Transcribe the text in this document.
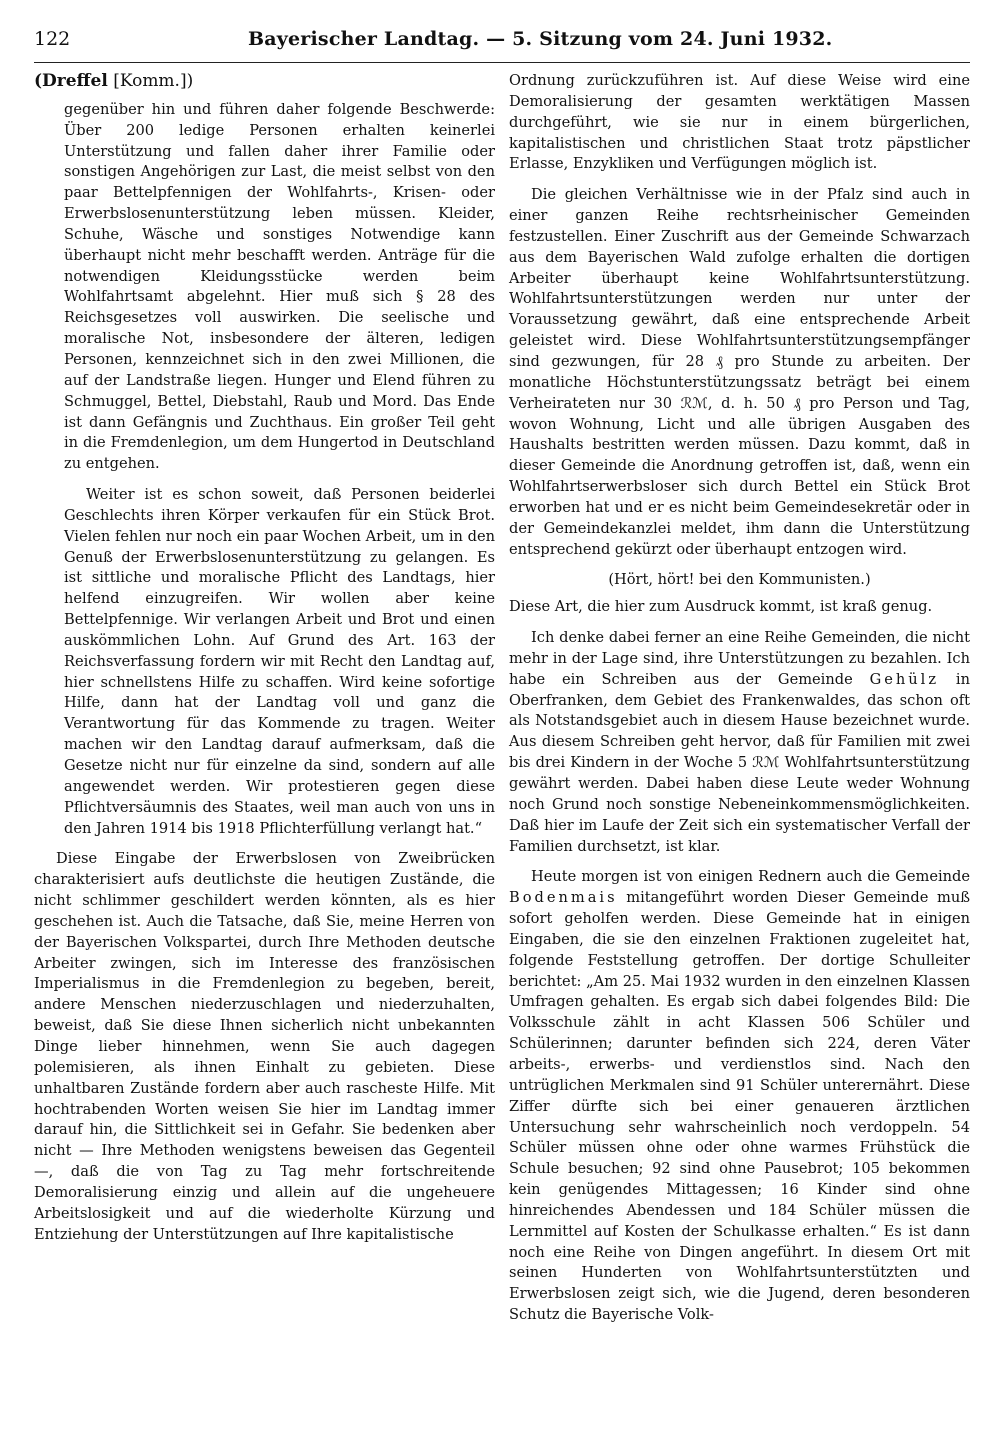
122	Bayerischer Landtag. — 5. Sitzung vom 24. Juni 1932.
(Dreffel [Komm.])

gegenüber hin und führen daher folgende Beschwerde: Über 200 ledige Personen erhalten keinerlei Unterstützung und fallen daher ihrer Familie oder sonstigen Angehörigen zur Last, die meist selbst von den paar Bettelpfennigen der Wohlfahrts-, Krisen- oder Erwerbslosenunterstützung leben müssen. Kleider, Schuhe, Wäsche und sonstiges Notwendige kann überhaupt nicht mehr beschafft werden. Anträge für die notwendigen Kleidungsstücke werden beim Wohlfahrtsamt abgelehnt. Hier muß sich § 28 des Reichsgesetzes voll auswirken. Die seelische und moralische Not, insbesondere der älteren, ledigen Personen, kennzeichnet sich in den zwei Millionen, die auf der Landstraße liegen. Hunger und Elend führen zu Schmuggel, Bettel, Diebstahl, Raub und Mord. Das Ende ist dann Gefängnis und Zuchthaus. Ein großer Teil geht in die Fremdenlegion, um dem Hungertod in Deutschland zu entgehen.

Weiter ist es schon soweit, daß Personen beiderlei Geschlechts ihren Körper verkaufen für ein Stück Brot. Vielen fehlen nur noch ein paar Wochen Arbeit, um in den Genuß der Erwerbslosenunterstützung zu gelangen. Es ist sittliche und moralische Pflicht des Landtags, hier helfend einzugreifen. Wir wollen aber keine Bettelpfennige. Wir verlangen Arbeit und Brot und einen auskömmlichen Lohn. Auf Grund des Art. 163 der Reichsverfassung fordern wir mit Recht den Landtag auf, hier schnellstens Hilfe zu schaffen. Wird keine sofortige Hilfe, dann hat der Landtag voll und ganz die Verantwortung für das Kommende zu tragen. Weiter machen wir den Landtag darauf aufmerksam, daß die Gesetze nicht nur für einzelne da sind, sondern auf alle angewendet werden. Wir protestieren gegen diese Pflichtversäumnis des Staates, weil man auch von uns in den Jahren 1914 bis 1918 Pflichterfüllung verlangt hat.“

Diese Eingabe der Erwerbslosen von Zweibrücken charakterisiert aufs deutlichste die heutigen Zustände, die nicht schlimmer geschildert werden könnten, als es hier geschehen ist. Auch die Tatsache, daß Sie, meine Herren von der Bayerischen Volkspartei, durch Ihre Methoden deutsche Arbeiter zwingen, sich im Interesse des französischen Imperialismus in die Fremdenlegion zu begeben, bereit, andere Menschen niederzuschlagen und niederzuhalten, beweist, daß Sie diese Ihnen sicherlich nicht unbekannten Dinge lieber hinnehmen, wenn Sie auch dagegen polemisieren, als ihnen Einhalt zu gebieten. Diese unhaltbaren Zustände fordern aber auch rascheste Hilfe. Mit hochtrabenden Worten weisen Sie hier im Landtag immer darauf hin, die Sittlichkeit sei in Gefahr. Sie bedenken aber nicht — Ihre Methoden wenigstens beweisen das Gegenteil —, daß die von Tag zu Tag mehr fortschreitende Demoralisierung einzig und allein auf die ungeheuere Arbeitslosigkeit und auf die wiederholte Kürzung und Entziehung der Unterstützungen auf Ihre kapitalistische

Ordnung zurückzuführen ist. Auf diese Weise wird eine Demoralisierung der gesamten werktätigen Massen durchgeführt, wie sie nur in einem bürgerlichen, kapitalistischen und christlichen Staat trotz päpstlicher Erlasse, Enzykliken und Verfügungen möglich ist.

Die gleichen Verhältnisse wie in der Pfalz sind auch in einer ganzen Reihe rechtsrheinischer Gemeinden festzustellen. Einer Zuschrift aus der Gemeinde Schwarzach aus dem Bayerischen Wald zufolge erhalten die dortigen Arbeiter überhaupt keine Wohlfahrtsunterstützung. Wohlfahrtsunterstützungen werden nur unter der Voraussetzung gewährt, daß eine entsprechende Arbeit geleistet wird. Diese Wohlfahrtsunterstützungsempfänger sind gezwungen, für 28 ₰ pro Stunde zu arbeiten. Der monatliche Höchstunterstützungssatz beträgt bei einem Verheirateten nur 30 ℛℳ, d. h. 50 ₰ pro Person und Tag, wovon Wohnung, Licht und alle übrigen Ausgaben des Haushalts bestritten werden müssen. Dazu kommt, daß in dieser Gemeinde die Anordnung getroffen ist, daß, wenn ein Wohlfahrtserwerbsloser sich durch Bettel ein Stück Brot erworben hat und er es nicht beim Gemeindesekretär oder in der Gemeindekanzlei meldet, ihm dann die Unterstützung entsprechend gekürzt oder überhaupt entzogen wird.

(Hört, hört! bei den Kommunisten.)

Diese Art, die hier zum Ausdruck kommt, ist kraß genug.

Ich denke dabei ferner an eine Reihe Gemeinden, die nicht mehr in der Lage sind, ihre Unterstützungen zu bezahlen. Ich habe ein Schreiben aus der Gemeinde Gehülz in Oberfranken, dem Gebiet des Frankenwaldes, das schon oft als Notstandsgebiet auch in diesem Hause bezeichnet wurde. Aus diesem Schreiben geht hervor, daß für Familien mit zwei bis drei Kindern in der Woche 5 ℛℳ Wohlfahrtsunterstützung gewährt werden. Dabei haben diese Leute weder Wohnung noch Grund noch sonstige Nebeneinkommensmöglichkeiten. Daß hier im Laufe der Zeit sich ein systematischer Verfall der Familien durchsetzt, ist klar.

Heute morgen ist von einigen Rednern auch die Gemeinde Bodenmais mitangeführt worden Dieser Gemeinde muß sofort geholfen werden. Diese Gemeinde hat in einigen Eingaben, die sie den einzelnen Fraktionen zugeleitet hat, folgende Feststellung getroffen. Der dortige Schulleiter berichtet: „Am 25. Mai 1932 wurden in den einzelnen Klassen Umfragen gehalten. Es ergab sich dabei folgendes Bild: Die Volksschule zählt in acht Klassen 506 Schüler und Schülerinnen; darunter befinden sich 224, deren Väter arbeits-, erwerbs- und verdienstlos sind. Nach den untrüglichen Merkmalen sind 91 Schüler unterernährt. Diese Ziffer dürfte sich bei einer genaueren ärztlichen Untersuchung sehr wahrscheinlich noch verdoppeln. 54 Schüler müssen ohne oder ohne warmes Frühstück die Schule besuchen; 92 sind ohne Pausebrot; 105 bekommen kein genügendes Mittagessen; 16 Kinder sind ohne hinreichendes Abendessen und 184 Schüler müssen die Lernmittel auf Kosten der Schulkasse erhalten.“ Es ist dann noch eine Reihe von Dingen angeführt. In diesem Ort mit seinen Hunderten von Wohlfahrtsunterstützten und Erwerbslosen zeigt sich, wie die Jugend, deren besonderen Schutz die Bayerische Volk-
